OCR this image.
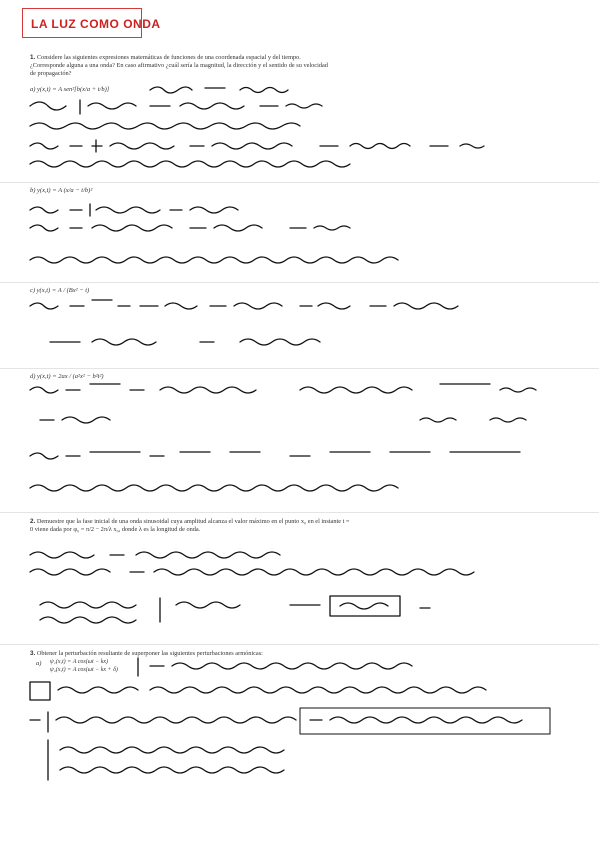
LA LUZ COMO ONDA
1. Considere las siguientes expresiones matemáticas de funciones de una coordenada espacial y del tiempo. ¿Corresponde alguna a una onda? En caso afirmativo ¿cuál sería la magnitud, la dirección y el sentido de su velocidad de propagación?
a) y(x,t) = A sen²[b(x/a + t/b)]
b) y(x,t) = A (x/a − t/b)²
c) y(x,t) = A / (Bx² − t)
d) y(x,t) = 2ax / (a²x² − b²t²)
2. Demuestre que la fase inicial de una onda sinusoidal cuya amplitud alcanza el valor máximo en el punto x₀ en el instante t = 0 viene dada por φ₀ = π/2 − 2π/λ x₀, donde λ es la longitud de onda.
3. Obtener la perturbación resultante de superponer las siguientes perturbaciones armónicas:
a) ψ₁(x,t) = A cos(ωt − kx)
ψ₂(x,t) = A cos(ωt − kx + δ)
